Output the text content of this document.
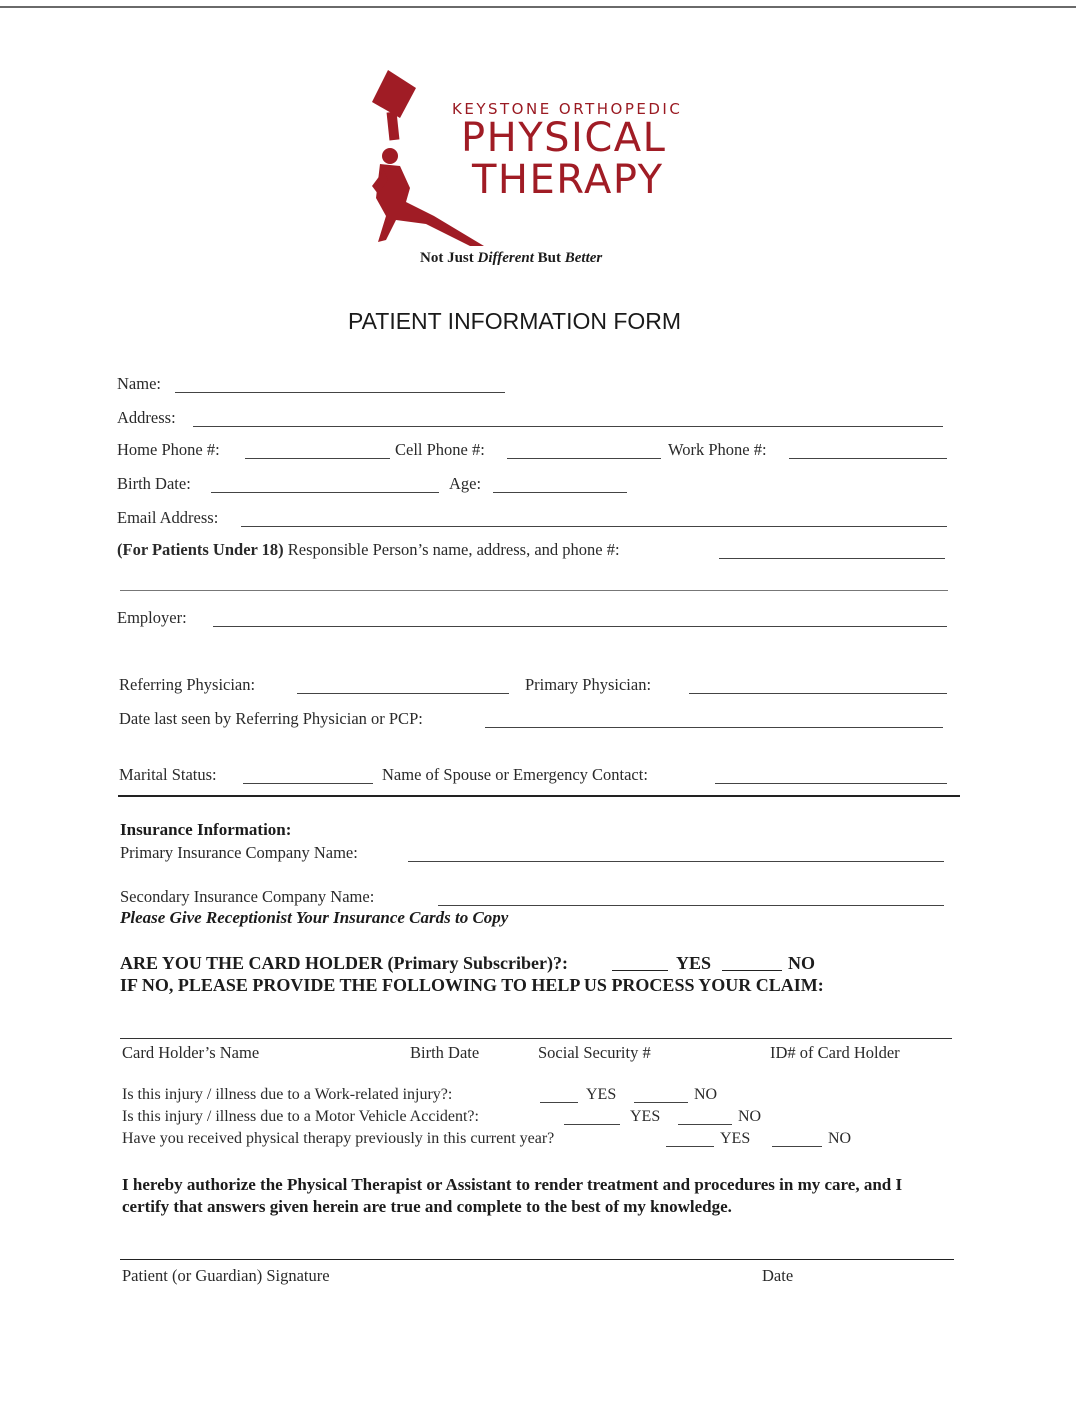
KEYSTONE ORTHOPEDIC
PHYSICAL
THERAPY
Not Just Different But Better
PATIENT INFORMATION FORM
Name:
Address:
Home Phone #:	Cell Phone #:	Work Phone #:
Birth Date:	Age:
Email Address:
(For Patients Under 18) Responsible Person’s name, address, and phone #:
Employer:
Referring Physician:	Primary Physician:
Date last seen by Referring Physician or PCP:
Marital Status:	Name of Spouse or Emergency Contact:
Insurance Information:
Primary Insurance Company Name:
Secondary Insurance Company Name:
Please Give Receptionist Your Insurance Cards to Copy
ARE YOU THE CARD HOLDER (Primary Subscriber)?:	YES	NO
IF NO, PLEASE PROVIDE THE FOLLOWING TO HELP US PROCESS YOUR CLAIM:
Card Holder’s Name	Birth Date	Social Security #	ID# of Card Holder
Is this injury / illness due to a Work-related injury?:	YES	NO
Is this injury / illness due to a Motor Vehicle Accident?:	YES	NO
Have you received physical therapy previously in this current year?	YES	NO
I hereby authorize the Physical Therapist or Assistant to render treatment and procedures in my care, and I certify that answers given herein are true and complete to the best of my knowledge.
Patient (or Guardian) Signature	Date
